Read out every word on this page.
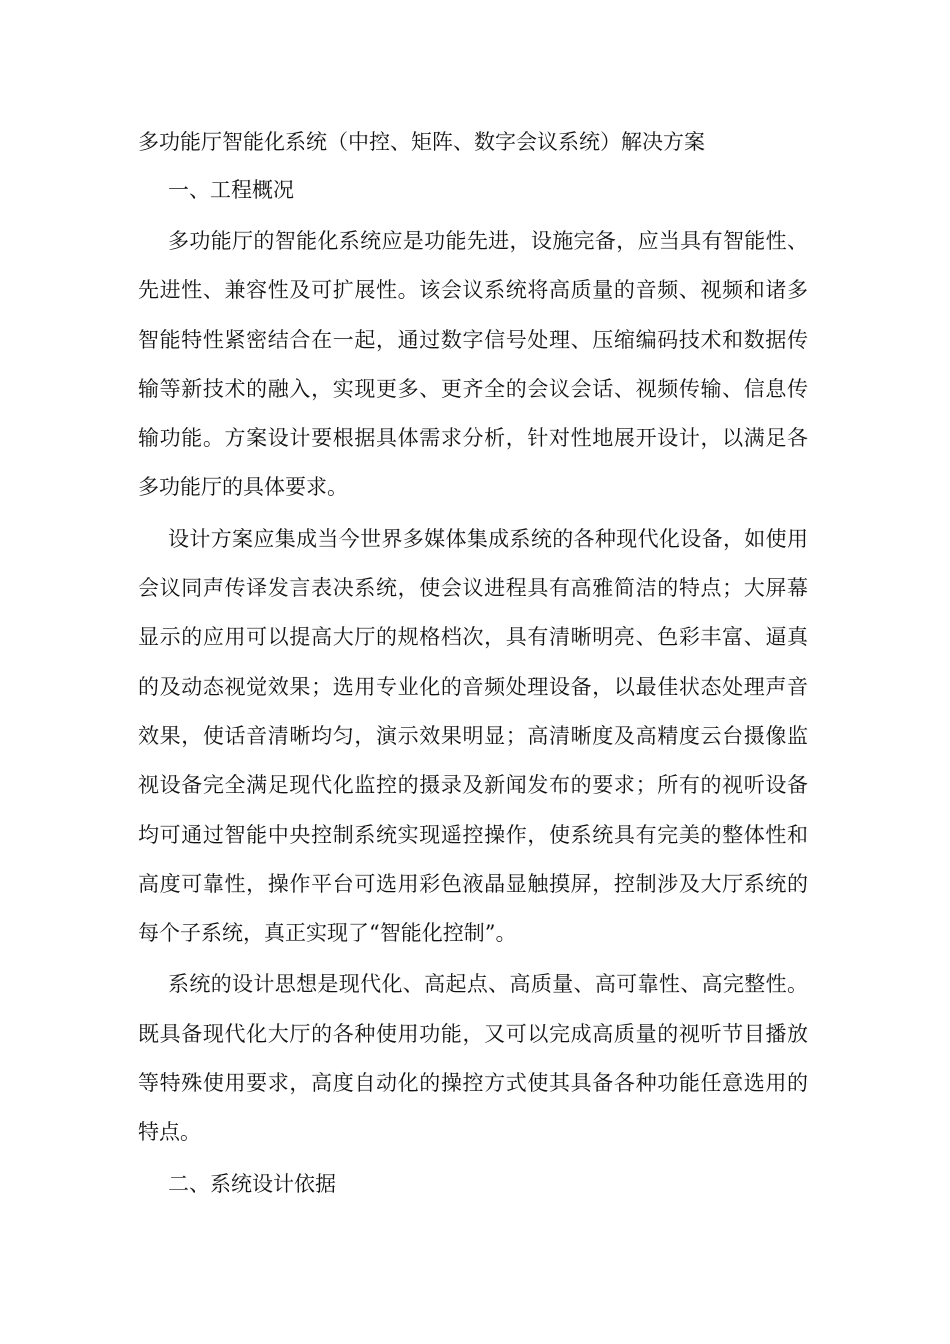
多功能厅智能化系统（中控、矩阵、数字会议系统）解决方案
一、工程概况

多功能厅的智能化系统应是功能先进，设施完备，应当具有智能性、先进性、兼容性及可扩展性。该会议系统将高质量的音频、视频和诸多智能特性紧密结合在一起，通过数字信号处理、压缩编码技术和数据传输等新技术的融入，实现更多、更齐全的会议会话、视频传输、信息传输功能。方案设计要根据具体需求分析，针对性地展开设计，以满足各多功能厅的具体要求。

设计方案应集成当今世界多媒体集成系统的各种现代化设备，如使用会议同声传译发言表决系统，使会议进程具有高雅简洁的特点；大屏幕显示的应用可以提高大厅的规格档次，具有清晰明亮、色彩丰富、逼真的及动态视觉效果；选用专业化的音频处理设备，以最佳状态处理声音效果，使话音清晰均匀，演示效果明显；高清晰度及高精度云台摄像监视设备完全满足现代化监控的摄录及新闻发布的要求；所有的视听设备均可通过智能中央控制系统实现遥控操作，使系统具有完美的整体性和高度可靠性，操作平台可选用彩色液晶显触摸屏，控制涉及大厅系统的每个子系统，真正实现了“智能化控制”。

系统的设计思想是现代化、高起点、高质量、高可靠性、高完整性。既具备现代化大厅的各种使用功能，又可以完成高质量的视听节目播放等特殊使用要求，高度自动化的操控方式使其具备各种功能任意选用的特点。

二、系统设计依据
